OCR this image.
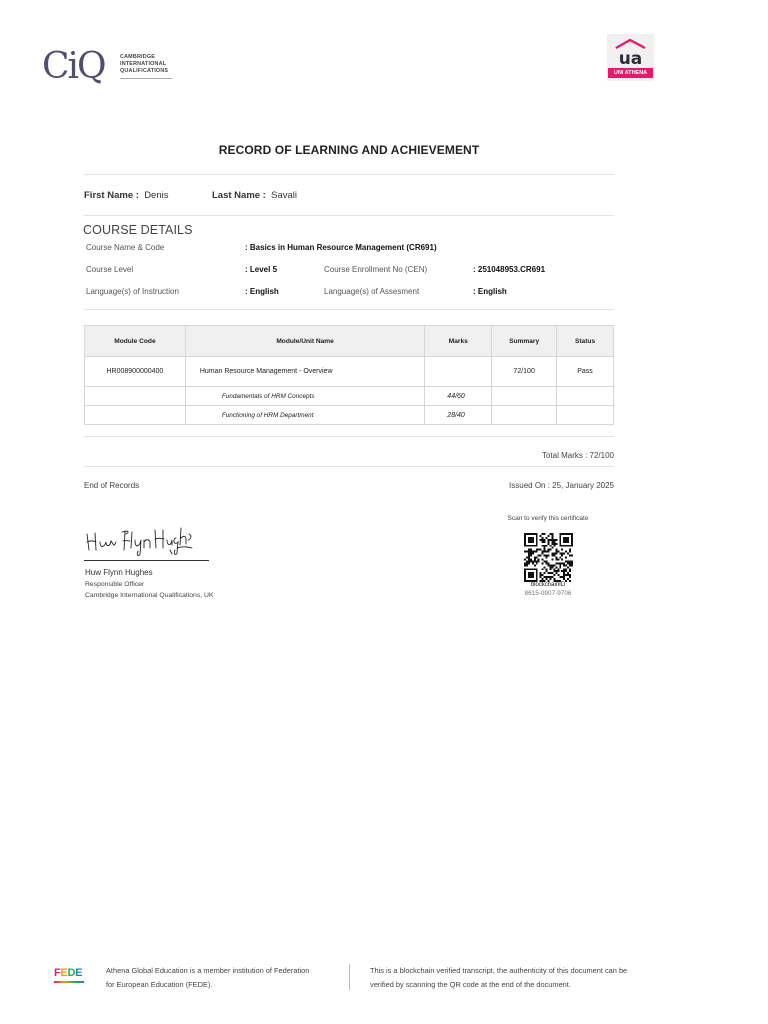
CiQ	CAMBRIDGE
INTERNATIONAL
QUALIFICATIONS
ua
UNI ATHENA
RECORD OF LEARNING AND ACHIEVEMENT
First Name : Denis	Last Name : Savali
COURSE DETAILS
Course Name & Code	: Basics in Human Resource Management (CR691)
Course Level	: Level 5	Course Enrollment No (CEN)	: 251048953.CR691
Language(s) of Instruction	: English	Language(s) of Assesment	: English
Module Code	Module/Unit Name	Marks	Summary	Status
HR008900000400	Human Resource Management - Overview		72/100	Pass
	Fundamentals of HRM Concepts	44/60		
	Functioning of HRM Department	28/40		
Total Marks : 72/100
End of Records	Issued On : 25, January 2025
Huw Flynn Hughes
Responsible Officer
Cambridge International Qualifications, UK
Scan to verify this certificate
blockchainID
8615-0907-9706
FEDE	Athena Global Education is a member institution of Federation
for European Education (FEDE).
This is a blockchain verified transcript, the authenticity of this document can be
verified by scanning the QR code at the end of the document.
